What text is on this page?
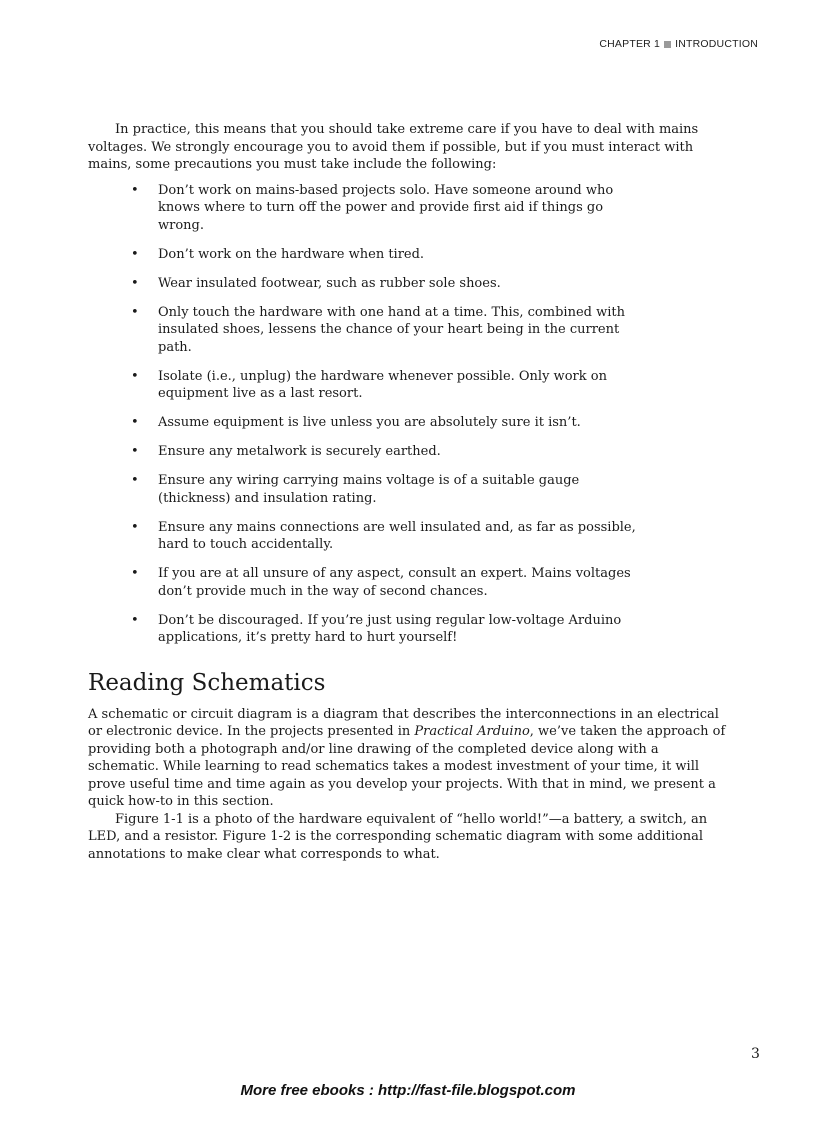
CHAPTER 1 INTRODUCTION

In practice, this means that you should take extreme care if you have to deal with mains voltages. We strongly encourage you to avoid them if possible, but if you must interact with mains, some precautions you must take include the following:

• Don’t work on mains-based projects solo. Have someone around who knows where to turn off the power and provide first aid if things go wrong.
• Don’t work on the hardware when tired.
• Wear insulated footwear, such as rubber sole shoes.
• Only touch the hardware with one hand at a time. This, combined with insulated shoes, lessens the chance of your heart being in the current path.
• Isolate (i.e., unplug) the hardware whenever possible. Only work on equipment live as a last resort.
• Assume equipment is live unless you are absolutely sure it isn’t.
• Ensure any metalwork is securely earthed.
• Ensure any wiring carrying mains voltage is of a suitable gauge (thickness) and insulation rating.
• Ensure any mains connections are well insulated and, as far as possible, hard to touch accidentally.
• If you are at all unsure of any aspect, consult an expert. Mains voltages don’t provide much in the way of second chances.
• Don’t be discouraged. If you’re just using regular low-voltage Arduino applications, it’s pretty hard to hurt yourself!
Reading Schematics

A schematic or circuit diagram is a diagram that describes the interconnections in an electrical or electronic device. In the projects presented in Practical Arduino, we’ve taken the approach of providing both a photograph and/or line drawing of the completed device along with a schematic. While learning to read schematics takes a modest investment of your time, it will prove useful time and time again as you develop your projects. With that in mind, we present a quick how-to in this section.

Figure 1-1 is a photo of the hardware equivalent of “hello world!”—a battery, a switch, an LED, and a resistor. Figure 1-2 is the corresponding schematic diagram with some additional annotations to make clear what corresponds to what.

3
More free ebooks : http://fast-file.blogspot.com
